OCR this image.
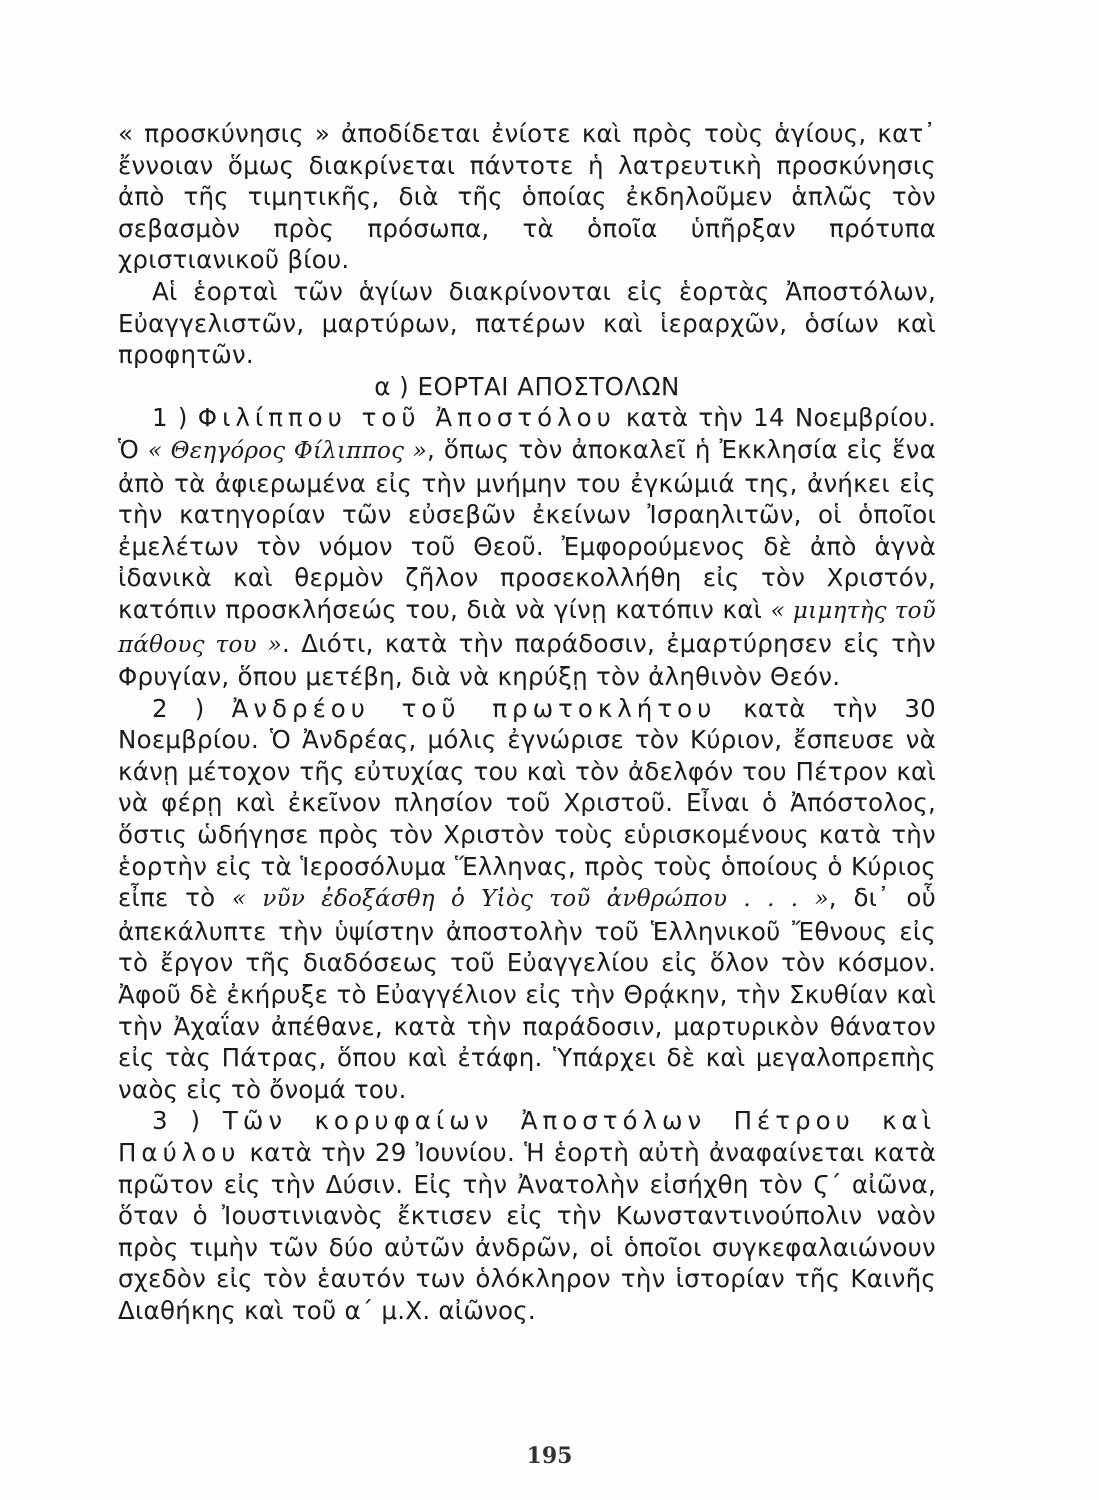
« προσκύνησις » ἀποδίδεται ἐνίοτε καὶ πρὸς τοὺς ἁγίους, κατ᾽ ἔννοιαν ὅμως διακρίνεται πάντοτε ἡ λατρευτικὴ προσκύνησις ἀπὸ τῆς τιμητικῆς, διὰ τῆς ὁποίας ἐκδηλοῦμεν ἁπλῶς τὸν σεβασμὸν πρὸς πρόσωπα, τὰ ὁποῖα ὑπῆρξαν πρότυπα χριστιανικοῦ βίου.

Αἱ ἑορταὶ τῶν ἁγίων διακρίνονται εἰς ἑορτὰς Ἀποστόλων, Εὐαγγελιστῶν, μαρτύρων, πατέρων καὶ ἱεραρχῶν, ὁσίων καὶ προφητῶν.

α ) ΕΟΡΤΑΙ ΑΠΟΣΤΟΛΩΝ

1 ) Φιλίππου τοῦ Ἀποστόλου κατὰ τὴν 14 Νοεμβρίου. Ὁ « Θεηγόρος Φίλιππος », ὅπως τὸν ἀποκαλεῖ ἡ Ἐκκλησία εἰς ἕνα ἀπὸ τὰ ἀφιερωμένα εἰς τὴν μνήμην του ἐγκώμιά της, ἀνήκει εἰς τὴν κατηγορίαν τῶν εὐσεβῶν ἐκείνων Ἰσραηλιτῶν, οἱ ὁποῖοι ἐμελέτων τὸν νόμον τοῦ Θεοῦ. Ἐμφορούμενος δὲ ἀπὸ ἁγνὰ ἰδανικὰ καὶ θερμὸν ζῆλον προσεκολλήθη εἰς τὸν Χριστόν, κατόπιν προσκλήσεώς του, διὰ νὰ γίνῃ κατόπιν καὶ « μιμητὴς τοῦ πάθους του ». Διότι, κατὰ τὴν παράδοσιν, ἐμαρτύρησεν εἰς τὴν Φρυγίαν, ὅπου μετέβη, διὰ νὰ κηρύξῃ τὸν ἀληθινὸν Θεόν.

2 ) Ἀνδρέου τοῦ πρωτοκλήτου κατὰ τὴν 30 Νοεμβρίου. Ὁ Ἀνδρέας, μόλις ἐγνώρισε τὸν Κύριον, ἔσπευσε νὰ κάνῃ μέτοχον τῆς εὐτυχίας του καὶ τὸν ἀδελφόν του Πέτρον καὶ νὰ φέρῃ καὶ ἐκεῖνον πλησίον τοῦ Χριστοῦ. Εἶναι ὁ Ἀπόστολος, ὅστις ὡδήγησε πρὸς τὸν Χριστὸν τοὺς εὑρισκομένους κατὰ τὴν ἑορτὴν εἰς τὰ Ἱεροσόλυμα Ἕλληνας, πρὸς τοὺς ὁποίους ὁ Κύριος εἶπε τὸ « νῦν ἐδοξάσθη ὁ Υἱὸς τοῦ ἀνθρώπου . . . », δι᾽ οὗ ἀπεκάλυπτε τὴν ὑψίστην ἀποστολὴν τοῦ Ἑλληνικοῦ Ἔθνους εἰς τὸ ἔργον τῆς διαδόσεως τοῦ Εὐαγγελίου εἰς ὅλον τὸν κόσμον. Ἀφοῦ δὲ ἐκήρυξε τὸ Εὐαγγέλιον εἰς τὴν Θρᾴκην, τὴν Σκυθίαν καὶ τὴν Ἀχαΐαν ἀπέθανε, κατὰ τὴν παράδοσιν, μαρτυρικὸν θάνατον εἰς τὰς Πάτρας, ὅπου καὶ ἐτάφη. Ὑπάρχει δὲ καὶ μεγαλοπρεπὴς ναὸς εἰς τὸ ὄνομά του.

3 ) Τῶν κορυφαίων Ἀποστόλων Πέτρου καὶ Παύλου κατὰ τὴν 29 Ἰουνίου. Ἡ ἑορτὴ αὐτὴ ἀναφαίνεται κατὰ πρῶτον εἰς τὴν Δύσιν. Εἰς τὴν Ἀνατολὴν εἰσήχθη τὸν Ϛ´ αἰῶνα, ὅταν ὁ Ἰουστινιανὸς ἔκτισεν εἰς τὴν Κωνσταντινούπολιν ναὸν πρὸς τιμὴν τῶν δύο αὐτῶν ἀνδρῶν, οἱ ὁποῖοι συγκεφαλαιώνουν σχεδὸν εἰς τὸν ἑαυτόν των ὁλόκληρον τὴν ἱστορίαν τῆς Καινῆς Διαθήκης καὶ τοῦ α´ μ.Χ. αἰῶνος.

195
